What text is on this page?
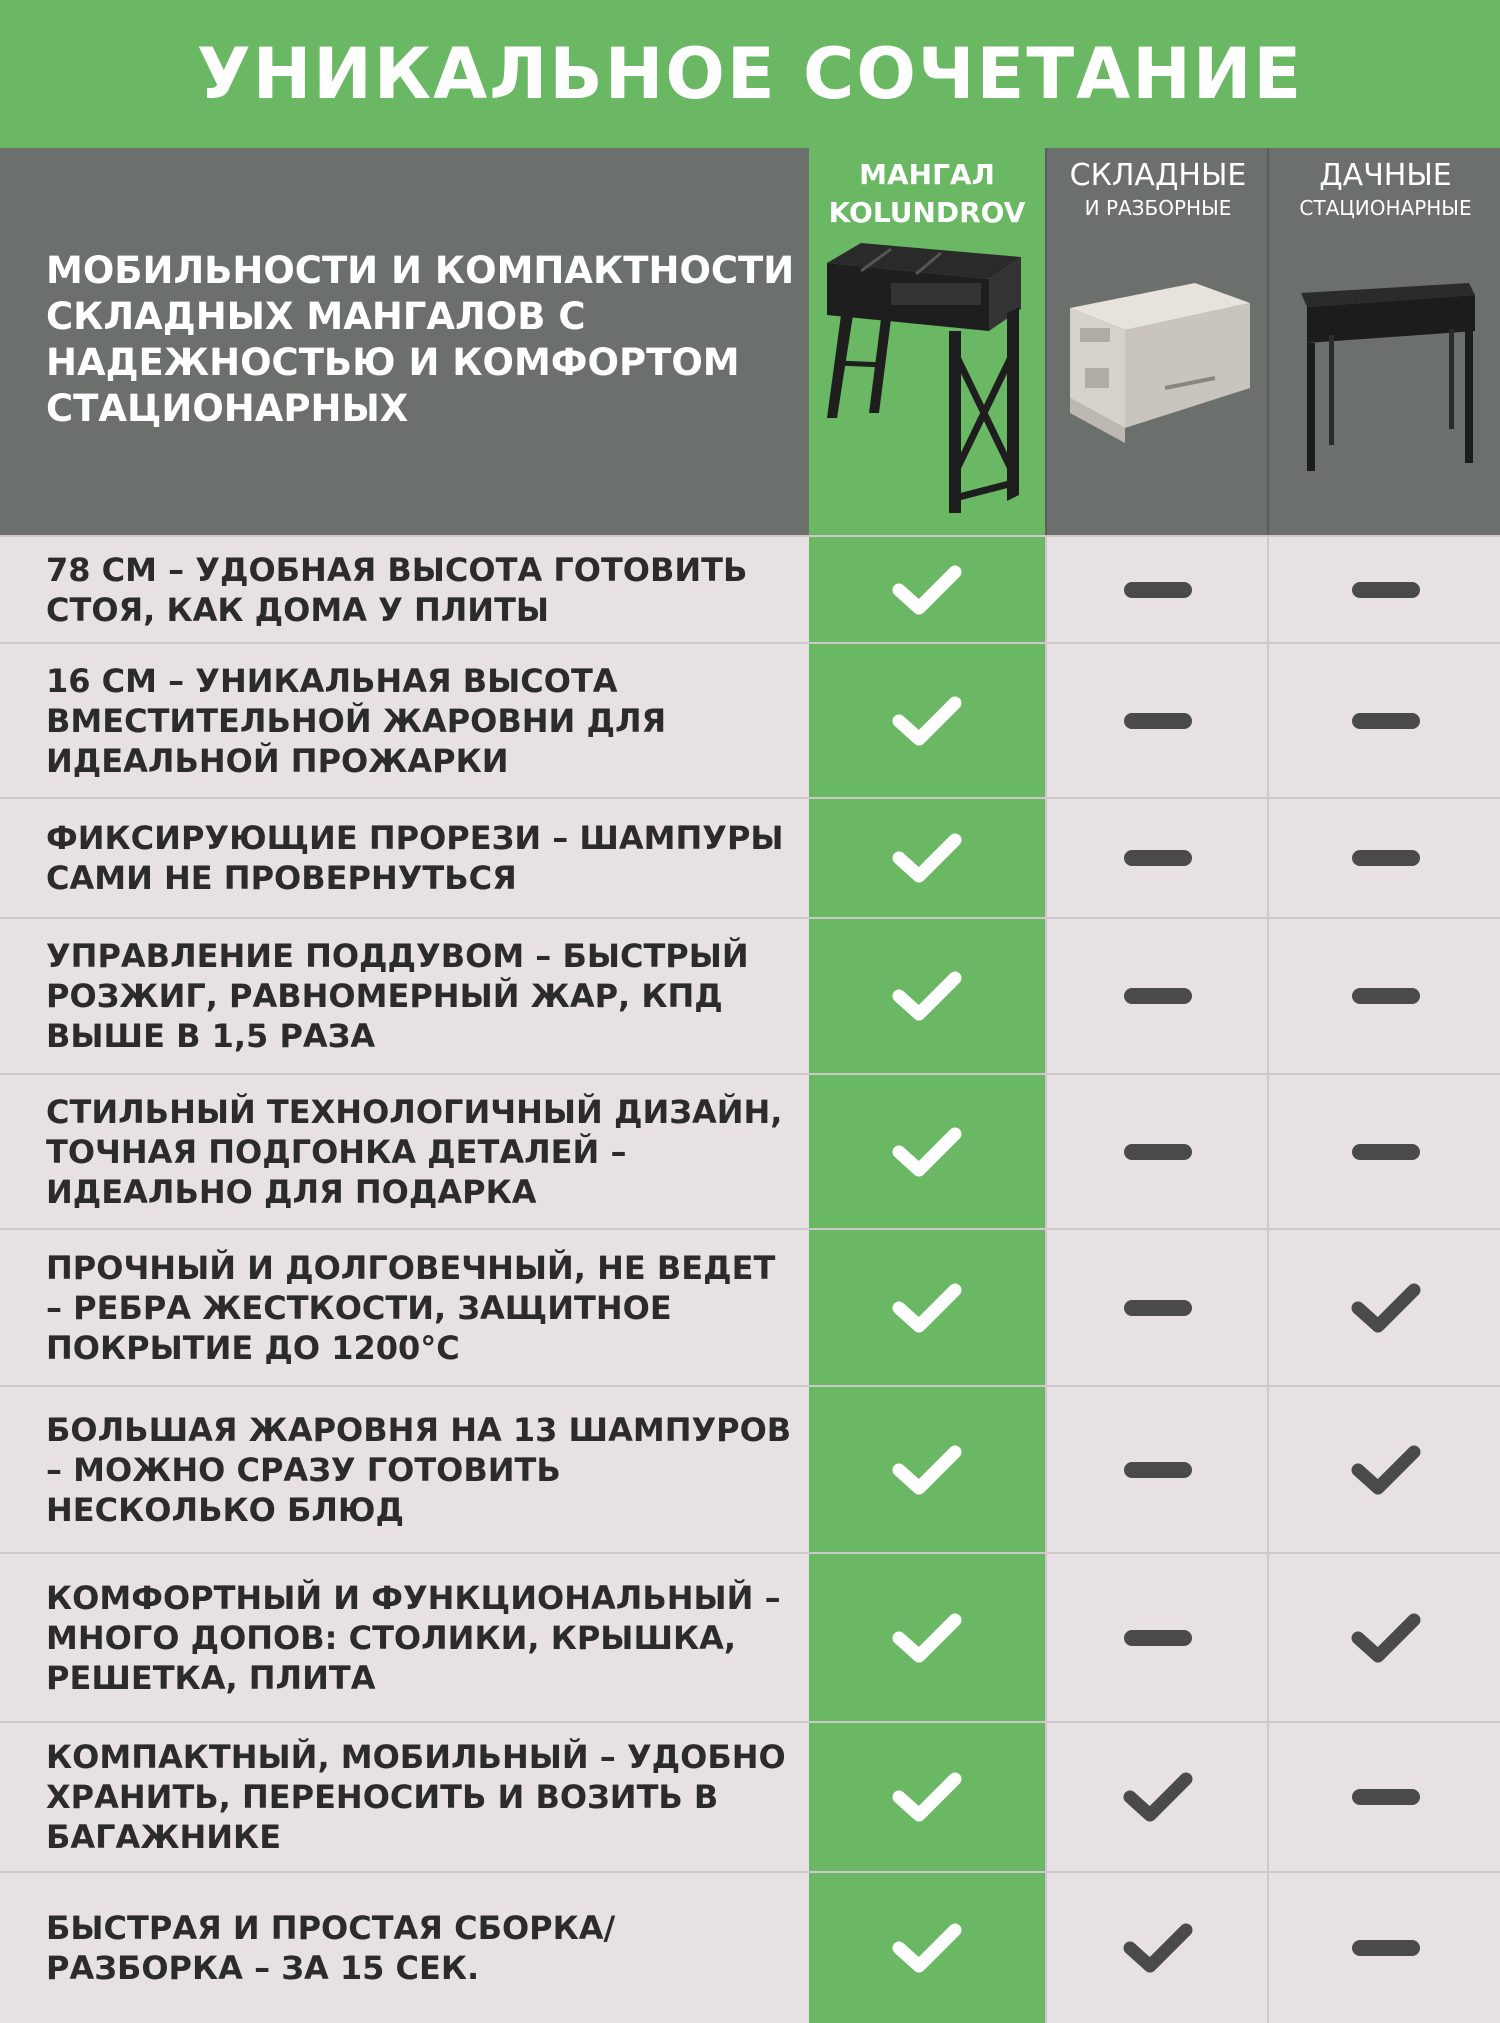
УНИКАЛЬНОЕ СОЧЕТАНИЕ

МОБИЛЬНОСТИ И КОМПАКТНОСТИ СКЛАДНЫХ МАНГАЛОВ С НАДЕЖНОСТЬЮ И КОМФОРТОМ СТАЦИОНАРНЫХ

МАНГАЛ
KOLUNDROV
СКЛАДНЫЕ
И РАЗБОРНЫЕ
ДАЧНЫЕ
СТАЦИОНАРНЫЕ
78 СМ – УДОБНАЯ ВЫСОТА ГОТОВИТЬ СТОЯ, КАК ДОМА У ПЛИТЫ
16 СМ – УНИКАЛЬНАЯ ВЫСОТА ВМЕСТИТЕЛЬНОЙ ЖАРОВНИ ДЛЯ ИДЕАЛЬНОЙ ПРОЖАРКИ
ФИКСИРУЮЩИЕ ПРОРЕЗИ – ШАМПУРЫ САМИ НЕ ПРОВЕРНУТЬСЯ
УПРАВЛЕНИЕ ПОДДУВОМ – БЫСТРЫЙ РОЗЖИГ, РАВНОМЕРНЫЙ ЖАР, КПД ВЫШЕ В 1,5 РАЗА
СТИЛЬНЫЙ ТЕХНОЛОГИЧНЫЙ ДИЗАЙН, ТОЧНАЯ ПОДГОНКА ДЕТАЛЕЙ – ИДЕАЛЬНО ДЛЯ ПОДАРКА
ПРОЧНЫЙ И ДОЛГОВЕЧНЫЙ, НЕ ВЕДЕТ – РЕБРА ЖЕСТКОСТИ, ЗАЩИТНОЕ ПОКРЫТИЕ ДО 1200°С
БОЛЬШАЯ ЖАРОВНЯ НА 13 ШАМПУРОВ – МОЖНО СРАЗУ ГОТОВИТЬ НЕСКОЛЬКО БЛЮД
КОМФОРТНЫЙ И ФУНКЦИОНАЛЬНЫЙ – МНОГО ДОПОВ: СТОЛИКИ, КРЫШКА, РЕШЕТКА, ПЛИТА
КОМПАКТНЫЙ, МОБИЛЬНЫЙ – УДОБНО ХРАНИТЬ, ПЕРЕНОСИТЬ И ВОЗИТЬ В БАГАЖНИКЕ
БЫСТРАЯ И ПРОСТАЯ СБОРКА/ РАЗБОРКА – ЗА 15 СЕК.
